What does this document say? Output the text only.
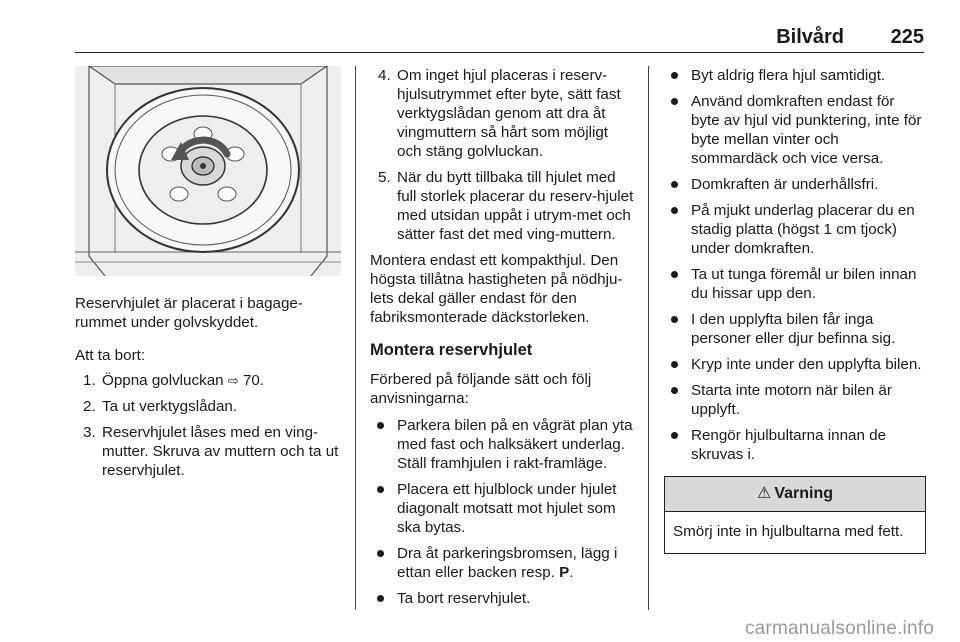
Bilvård 225

Reservhjulet är placerat i bagage-rummet under golvskyddet.

Att ta bort:

1. Öppna golvluckan ⇨ 70.
2. Ta ut verktygslådan.
3. Reservhjulet låses med en ving-mutter. Skruva av muttern och ta ut reservhjulet.
4. Om inget hjul placeras i reserv-hjulsutrymmet efter byte, sätt fast verktygslådan genom att dra åt vingmuttern så hårt som möjligt och stäng golvluckan.
5. När du bytt tillbaka till hjulet med full storlek placerar du reserv-hjulet med utsidan uppåt i utrym-met och sätter fast det med ving-muttern.

Montera endast ett kompakthjul. Den högsta tillåtna hastigheten på nödhju-lets dekal gäller endast för den fabriksmonterade däckstorleken.

Montera reservhjulet

Förbered på följande sätt och följ anvisningarna:

Parkera bilen på en vågrät plan yta med fast och halksäkert underlag. Ställ framhjulen i rakt-framläge.
Placera ett hjulblock under hjulet diagonalt motsatt mot hjulet som ska bytas.
Dra åt parkeringsbromsen, lägg i ettan eller backen resp. P.
Ta bort reservhjulet.
Byt aldrig flera hjul samtidigt.
Använd domkraften endast för byte av hjul vid punktering, inte för byte mellan vinter och sommardäck och vice versa.
Domkraften är underhållsfri.
På mjukt underlag placerar du en stadig platta (högst 1 cm tjock) under domkraften.
Ta ut tunga föremål ur bilen innan du hissar upp den.
I den upplyfta bilen får inga personer eller djur befinna sig.
Kryp inte under den upplyfta bilen.
Starta inte motorn när bilen är upplyft.
Rengör hjulbultarna innan de skruvas i.
⚠ Varning
Smörj inte in hjulbultarna med fett.
carmanualsonline.info
